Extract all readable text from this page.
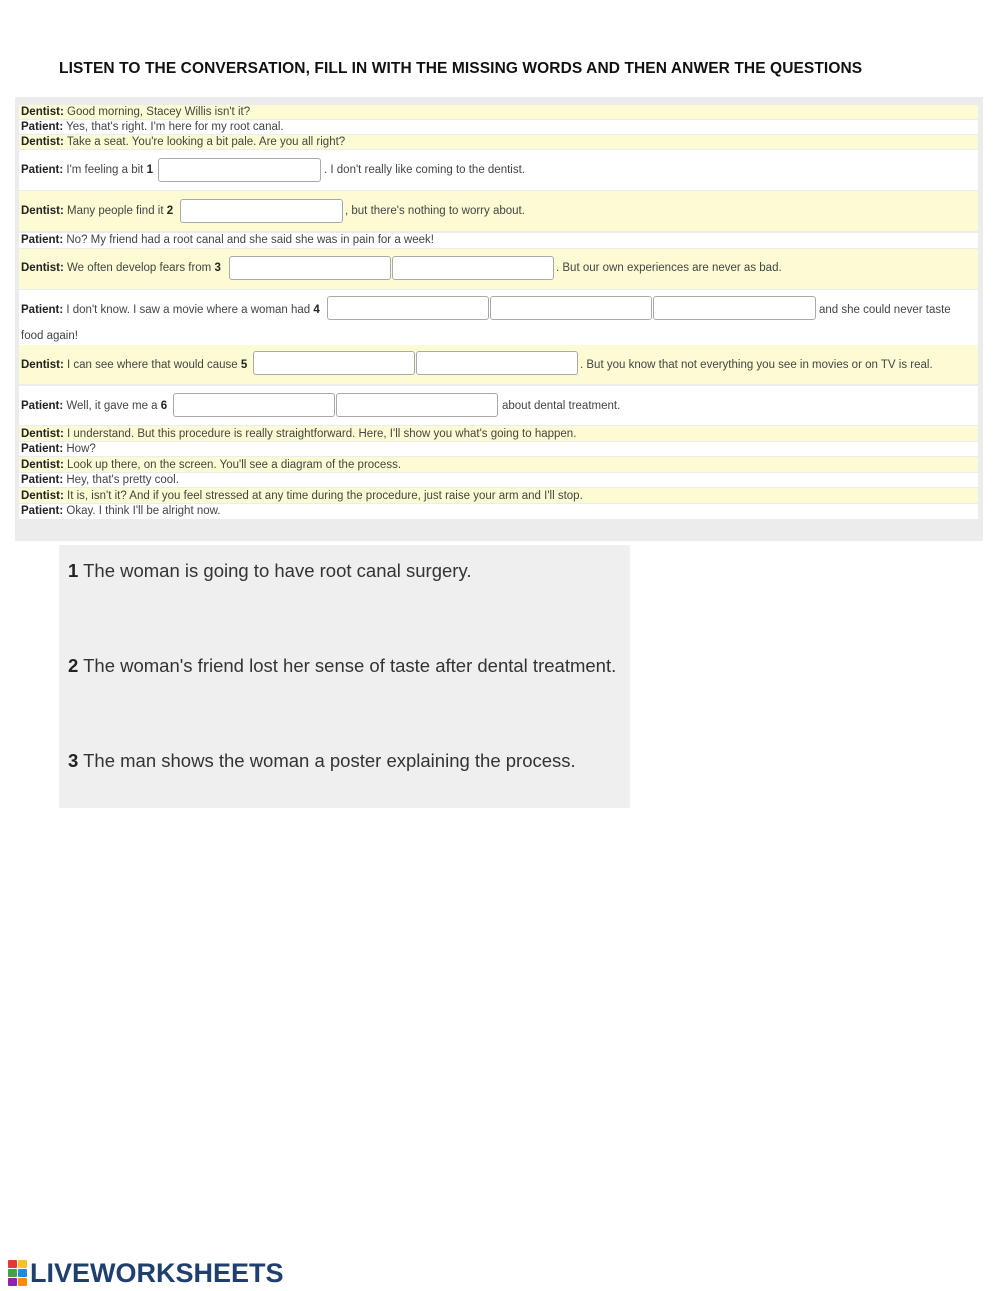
LISTEN TO THE CONVERSATION, FILL IN WITH THE MISSING WORDS AND THEN ANWER THE QUESTIONS
Dentist: Good morning, Stacey Willis isn't it?
Patient: Yes, that's right. I'm here for my root canal.
Dentist: Take a seat. You're looking a bit pale. Are you all right?
Patient: I'm feeling a bit 1	. I don't really like coming to the dentist.
Dentist: Many people find it 2	, but there's nothing to worry about.
Patient: No? My friend had a root canal and she said she was in pain for a week!
Dentist: We often develop fears from 3	. But our own experiences are never as bad.
Patient: I don't know. I saw a movie where a woman had 4	and she could never taste
food again!
Dentist: I can see where that would cause 5	. But you know that not everything you see in movies or on TV is real.
Patient: Well, it gave me a 6	about dental treatment.
Dentist: I understand. But this procedure is really straightforward. Here, I'll show you what's going to happen.
Patient: How?
Dentist: Look up there, on the screen. You'll see a diagram of the process.
Patient: Hey, that's pretty cool.
Dentist: It is, isn't it? And if you feel stressed at any time during the procedure, just raise your arm and I'll stop.
Patient: Okay. I think I'll be alright now.
1 The woman is going to have root canal surgery.
2 The woman's friend lost her sense of taste after dental treatment.
3 The man shows the woman a poster explaining the process.
LIVEWORKSHEETS
